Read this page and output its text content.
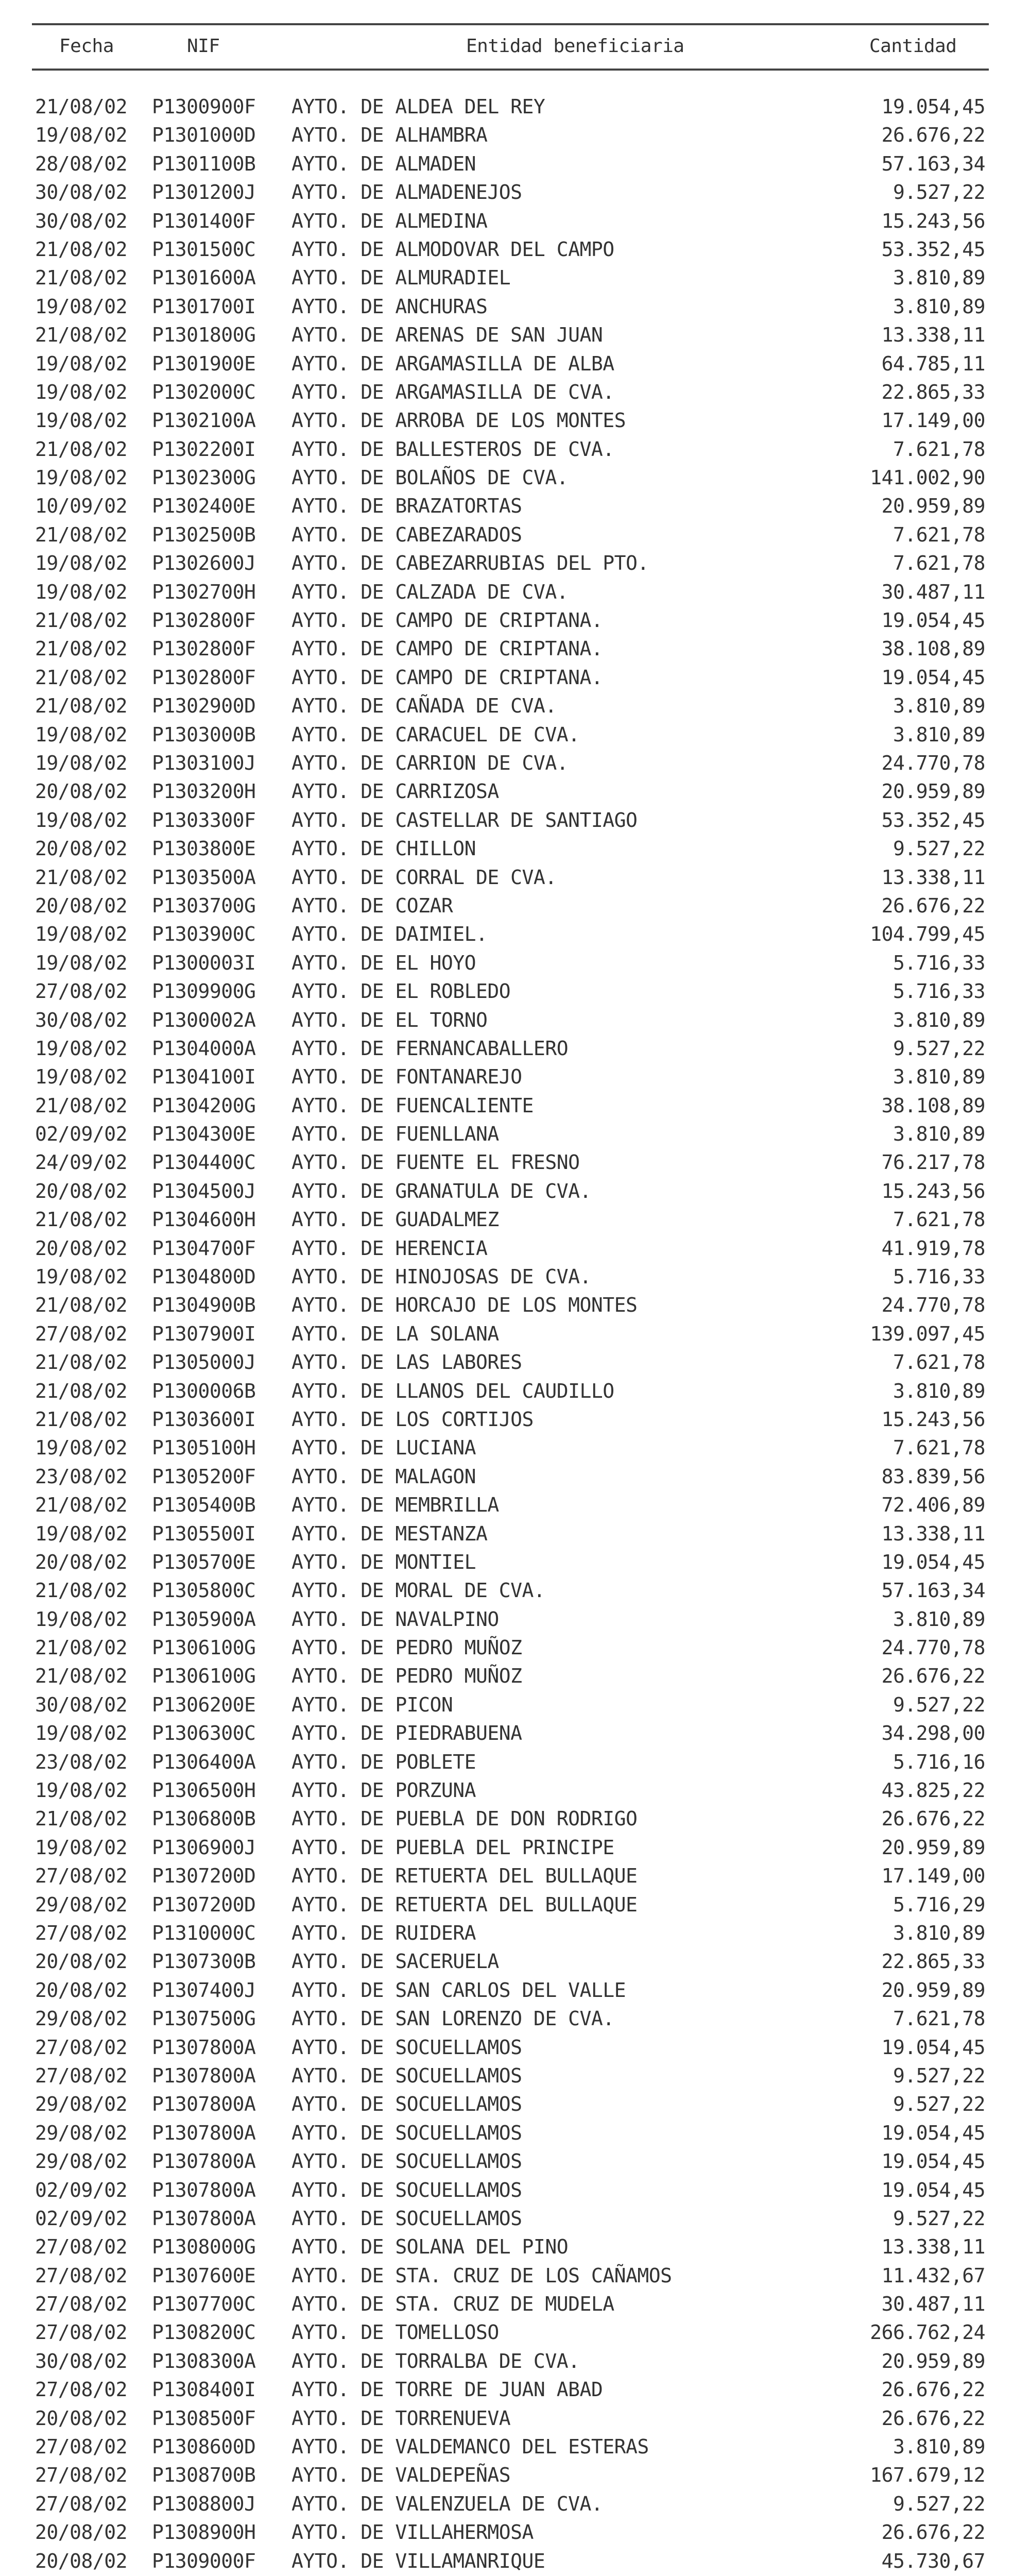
Fecha	NIF	Entidad beneficiaria	Cantidad
21/08/02 P1300900F AYTO. DE ALDEA DEL REY	19.054,45
19/08/02 P1301000D AYTO. DE ALHAMBRA	26.676,22
28/08/02 P1301100B AYTO. DE ALMADEN	57.163,34
30/08/02 P1301200J AYTO. DE ALMADENEJOS	9.527,22
30/08/02 P1301400F AYTO. DE ALMEDINA	15.243,56
21/08/02 P1301500C AYTO. DE ALMODOVAR DEL CAMPO	53.352,45
21/08/02 P1301600A AYTO. DE ALMURADIEL	3.810,89
19/08/02 P1301700I AYTO. DE ANCHURAS	3.810,89
21/08/02 P1301800G AYTO. DE ARENAS DE SAN JUAN	13.338,11
19/08/02 P1301900E AYTO. DE ARGAMASILLA DE ALBA	64.785,11
19/08/02 P1302000C AYTO. DE ARGAMASILLA DE CVA.	22.865,33
19/08/02 P1302100A AYTO. DE ARROBA DE LOS MONTES	17.149,00
21/08/02 P1302200I AYTO. DE BALLESTEROS DE CVA.	7.621,78
19/08/02 P1302300G AYTO. DE BOLAÑOS DE CVA.	141.002,90
10/09/02 P1302400E AYTO. DE BRAZATORTAS	20.959,89
21/08/02 P1302500B AYTO. DE CABEZARADOS	7.621,78
19/08/02 P1302600J AYTO. DE CABEZARRUBIAS DEL PTO.	7.621,78
19/08/02 P1302700H AYTO. DE CALZADA DE CVA.	30.487,11
21/08/02 P1302800F AYTO. DE CAMPO DE CRIPTANA.	19.054,45
21/08/02 P1302800F AYTO. DE CAMPO DE CRIPTANA.	38.108,89
21/08/02 P1302800F AYTO. DE CAMPO DE CRIPTANA.	19.054,45
21/08/02 P1302900D AYTO. DE CAÑADA DE CVA.	3.810,89
19/08/02 P1303000B AYTO. DE CARACUEL DE CVA.	3.810,89
19/08/02 P1303100J AYTO. DE CARRION DE CVA.	24.770,78
20/08/02 P1303200H AYTO. DE CARRIZOSA	20.959,89
19/08/02 P1303300F AYTO. DE CASTELLAR DE SANTIAGO	53.352,45
20/08/02 P1303800E AYTO. DE CHILLON	9.527,22
21/08/02 P1303500A AYTO. DE CORRAL DE CVA.	13.338,11
20/08/02 P1303700G AYTO. DE COZAR	26.676,22
19/08/02 P1303900C AYTO. DE DAIMIEL.	104.799,45
19/08/02 P1300003I AYTO. DE EL HOYO	5.716,33
27/08/02 P1309900G AYTO. DE EL ROBLEDO	5.716,33
30/08/02 P1300002A AYTO. DE EL TORNO	3.810,89
19/08/02 P1304000A AYTO. DE FERNANCABALLERO	9.527,22
19/08/02 P1304100I AYTO. DE FONTANAREJO	3.810,89
21/08/02 P1304200G AYTO. DE FUENCALIENTE	38.108,89
02/09/02 P1304300E AYTO. DE FUENLLANA	3.810,89
24/09/02 P1304400C AYTO. DE FUENTE EL FRESNO	76.217,78
20/08/02 P1304500J AYTO. DE GRANATULA DE CVA.	15.243,56
21/08/02 P1304600H AYTO. DE GUADALMEZ	7.621,78
20/08/02 P1304700F AYTO. DE HERENCIA	41.919,78
19/08/02 P1304800D AYTO. DE HINOJOSAS DE CVA.	5.716,33
21/08/02 P1304900B AYTO. DE HORCAJO DE LOS MONTES	24.770,78
27/08/02 P1307900I AYTO. DE LA SOLANA	139.097,45
21/08/02 P1305000J AYTO. DE LAS LABORES	7.621,78
21/08/02 P1300006B AYTO. DE LLANOS DEL CAUDILLO	3.810,89
21/08/02 P1303600I AYTO. DE LOS CORTIJOS	15.243,56
19/08/02 P1305100H AYTO. DE LUCIANA	7.621,78
23/08/02 P1305200F AYTO. DE MALAGON	83.839,56
21/08/02 P1305400B AYTO. DE MEMBRILLA	72.406,89
19/08/02 P1305500I AYTO. DE MESTANZA	13.338,11
20/08/02 P1305700E AYTO. DE MONTIEL	19.054,45
21/08/02 P1305800C AYTO. DE MORAL DE CVA.	57.163,34
19/08/02 P1305900A AYTO. DE NAVALPINO	3.810,89
21/08/02 P1306100G AYTO. DE PEDRO MUÑOZ	24.770,78
21/08/02 P1306100G AYTO. DE PEDRO MUÑOZ	26.676,22
30/08/02 P1306200E AYTO. DE PICON	9.527,22
19/08/02 P1306300C AYTO. DE PIEDRABUENA	34.298,00
23/08/02 P1306400A AYTO. DE POBLETE	5.716,16
19/08/02 P1306500H AYTO. DE PORZUNA	43.825,22
21/08/02 P1306800B AYTO. DE PUEBLA DE DON RODRIGO	26.676,22
19/08/02 P1306900J AYTO. DE PUEBLA DEL PRINCIPE	20.959,89
27/08/02 P1307200D AYTO. DE RETUERTA DEL BULLAQUE	17.149,00
29/08/02 P1307200D AYTO. DE RETUERTA DEL BULLAQUE	5.716,29
27/08/02 P1310000C AYTO. DE RUIDERA	3.810,89
20/08/02 P1307300B AYTO. DE SACERUELA	22.865,33
20/08/02 P1307400J AYTO. DE SAN CARLOS DEL VALLE	20.959,89
29/08/02 P1307500G AYTO. DE SAN LORENZO DE CVA.	7.621,78
27/08/02 P1307800A AYTO. DE SOCUELLAMOS	19.054,45
27/08/02 P1307800A AYTO. DE SOCUELLAMOS	9.527,22
29/08/02 P1307800A AYTO. DE SOCUELLAMOS	9.527,22
29/08/02 P1307800A AYTO. DE SOCUELLAMOS	19.054,45
29/08/02 P1307800A AYTO. DE SOCUELLAMOS	19.054,45
02/09/02 P1307800A AYTO. DE SOCUELLAMOS	19.054,45
02/09/02 P1307800A AYTO. DE SOCUELLAMOS	9.527,22
27/08/02 P1308000G AYTO. DE SOLANA DEL PINO	13.338,11
27/08/02 P1307600E AYTO. DE STA. CRUZ DE LOS CAÑAMOS	11.432,67
27/08/02 P1307700C AYTO. DE STA. CRUZ DE MUDELA	30.487,11
27/08/02 P1308200C AYTO. DE TOMELLOSO	266.762,24
30/08/02 P1308300A AYTO. DE TORRALBA DE CVA.	20.959,89
27/08/02 P1308400I AYTO. DE TORRE DE JUAN ABAD	26.676,22
20/08/02 P1308500F AYTO. DE TORRENUEVA	26.676,22
27/08/02 P1308600D AYTO. DE VALDEMANCO DEL ESTERAS	3.810,89
27/08/02 P1308700B AYTO. DE VALDEPEÑAS	167.679,12
27/08/02 P1308800J AYTO. DE VALENZUELA DE CVA.	9.527,22
20/08/02 P1308900H AYTO. DE VILLAHERMOSA	26.676,22
20/08/02 P1309000F AYTO. DE VILLAMANRIQUE	45.730,67
